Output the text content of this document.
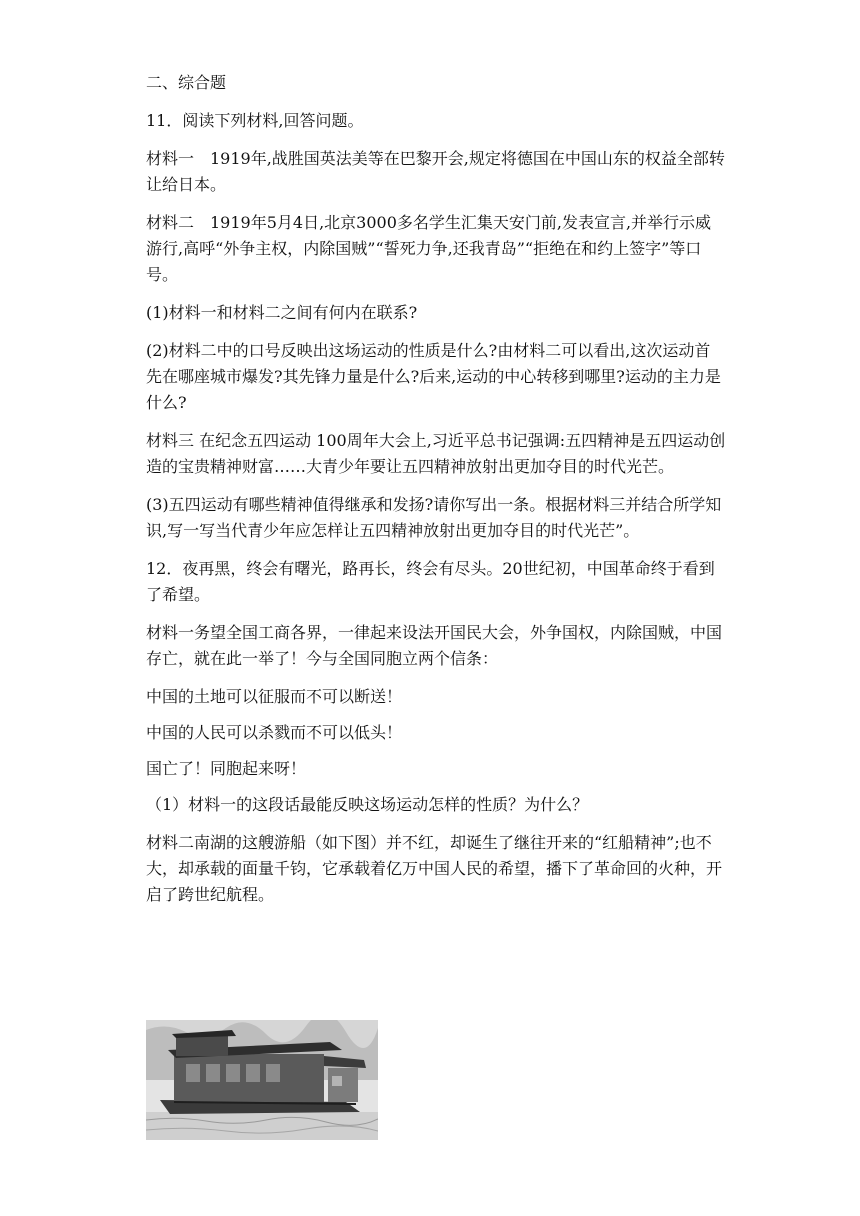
二、综合题

11．阅读下列材料,回答问题。

材料一　1919年,战胜国英法美等在巴黎开会,规定将德国在中国山东的权益全部转让给日本。

材料二　1919年5月4日,北京3000多名学生汇集天安门前,发表宣言,并举行示威游行,高呼“外争主权，内除国贼”“誓死力争,还我青岛”“拒绝在和约上签字”等口号。

(1)材料一和材料二之间有何内在联系?

(2)材料二中的口号反映出这场运动的性质是什么?由材料二可以看出,这次运动首先在哪座城市爆发?其先锋力量是什么?后来,运动的中心转移到哪里?运动的主力是什么?

材料三 在纪念五四运动 100周年大会上,习近平总书记强调:五四精神是五四运动创造的宝贵精神财富……大青少年要让五四精神放射出更加夺目的时代光芒。

(3)五四运动有哪些精神值得继承和发扬?请你写出一条。根据材料三并结合所学知识,写一写当代青少年应怎样让五四精神放射出更加夺目的时代光芒”。

12．夜再黑，终会有曙光，路再长，终会有尽头。20世纪初，中国革命终于看到了希望。

材料一务望全国工商各界，一律起来设法开国民大会，外争国权，内除国贼，中国存亡，就在此一举了！今与全国同胞立两个信条：

中国的土地可以征服而不可以断送！

中国的人民可以杀戮而不可以低头！

国亡了！同胞起来呀！

（1）材料一的这段话最能反映这场运动怎样的性质？为什么？

材料二南湖的这艘游船（如下图）并不红，却诞生了继往开来的“红船精神”;也不大，却承载的面量千钧，它承载着亿万中国人民的希望，播下了革命回的火种，开启了跨世纪航程。
